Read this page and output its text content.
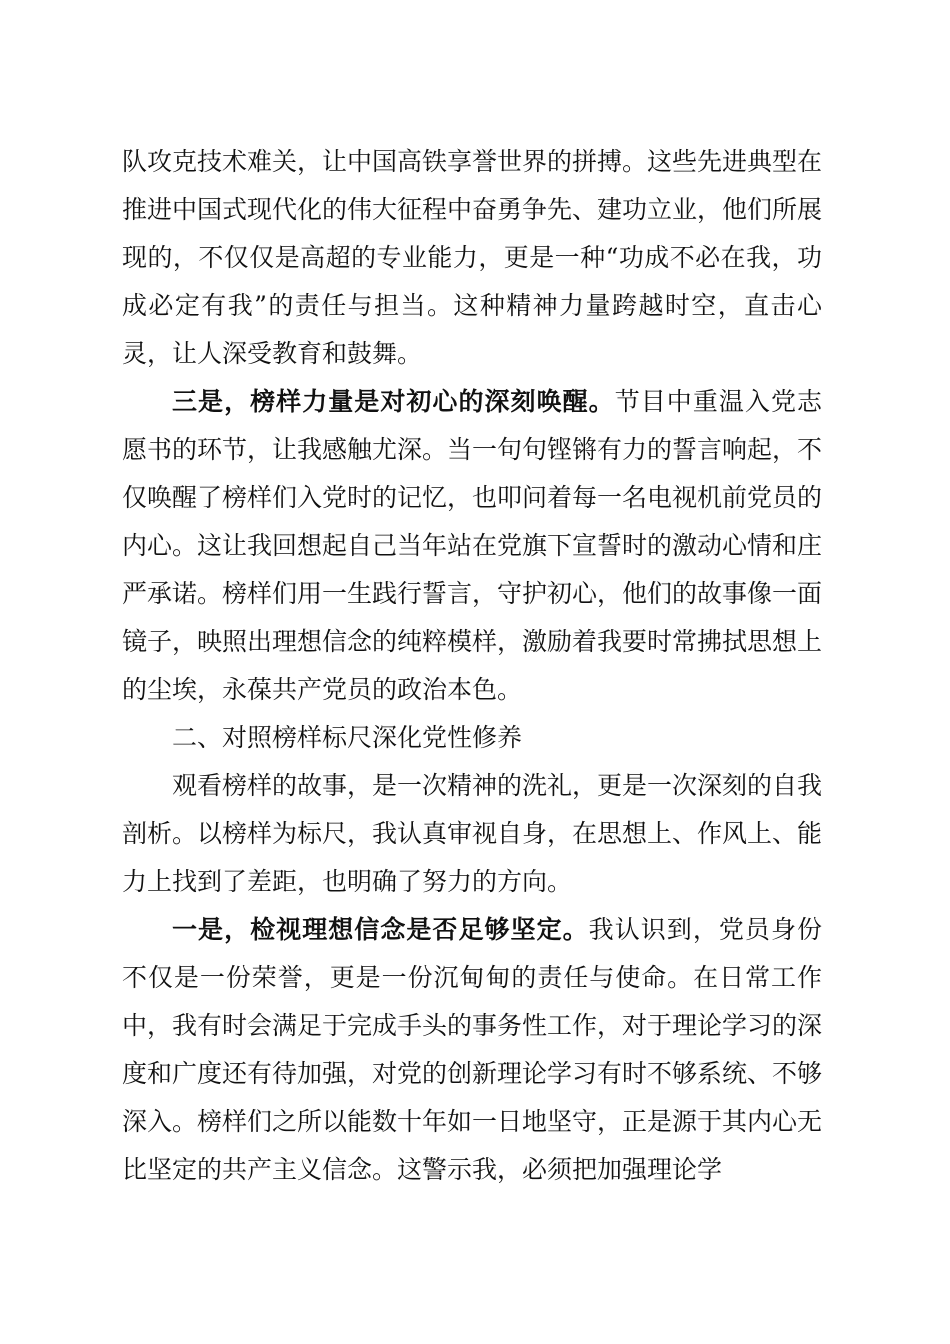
队攻克技术难关，让中国高铁享誉世界的拼搏。这些先进典型在推进中国式现代化的伟大征程中奋勇争先、建功立业，他们所展现的，不仅仅是高超的专业能力，更是一种“功成不必在我，功成必定有我”的责任与担当。这种精神力量跨越时空，直击心灵，让人深受教育和鼓舞。

三是，榜样力量是对初心的深刻唤醒。节目中重温入党志愿书的环节，让我感触尤深。当一句句铿锵有力的誓言响起，不仅唤醒了榜样们入党时的记忆，也叩问着每一名电视机前党员的内心。这让我回想起自己当年站在党旗下宣誓时的激动心情和庄严承诺。榜样们用一生践行誓言，守护初心，他们的故事像一面镜子，映照出理想信念的纯粹模样，激励着我要时常拂拭思想上的尘埃，永葆共产党员的政治本色。

二、对照榜样标尺深化党性修养

观看榜样的故事，是一次精神的洗礼，更是一次深刻的自我剖析。以榜样为标尺，我认真审视自身，在思想上、作风上、能力上找到了差距，也明确了努力的方向。

一是，检视理想信念是否足够坚定。我认识到，党员身份不仅是一份荣誉，更是一份沉甸甸的责任与使命。在日常工作中，我有时会满足于完成手头的事务性工作，对于理论学习的深度和广度还有待加强，对党的创新理论学习有时不够系统、不够深入。榜样们之所以能数十年如一日地坚守，正是源于其内心无比坚定的共产主义信念。这警示我，必须把加强理论学
